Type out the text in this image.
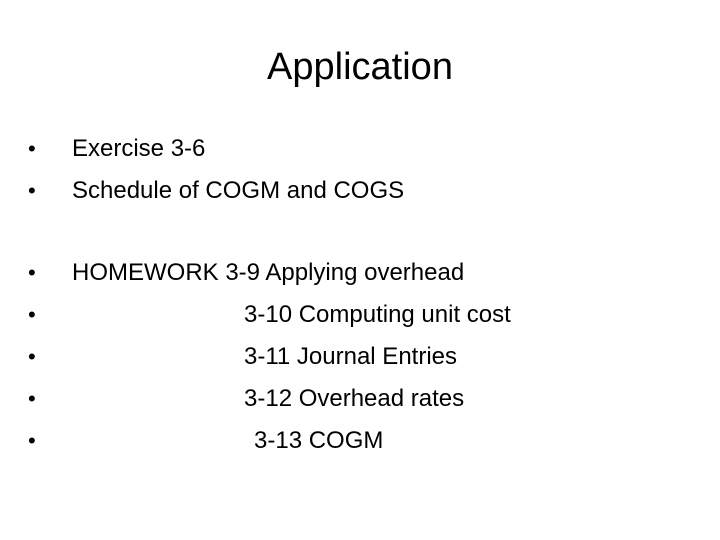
Application
•	Exercise 3-6
•	Schedule of COGM and COGS
•	HOMEWORK 3-9 Applying overhead
•	3-10 Computing unit cost
•	3-11 Journal Entries
•	3-12 Overhead rates
•	3-13 COGM
